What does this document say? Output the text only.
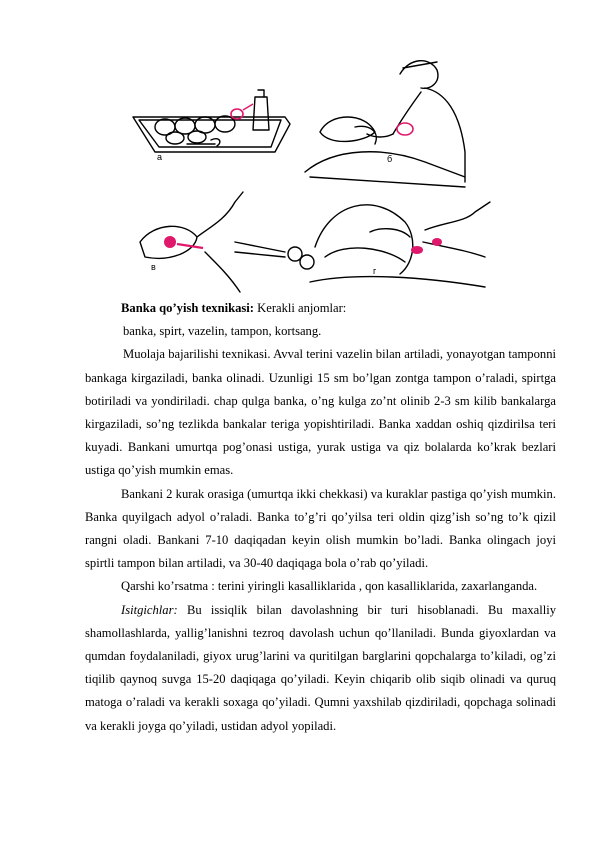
а	б
в	г

Banka qo’yish texnikasi: Kerakli anjomlar:

banka, spirt, vazelin, tampon, kortsang.

Muolaja bajarilishi texnikasi. Avval terini vazelin bilan artiladi, yonayotgan tamponni bankaga kirgaziladi, banka olinadi. Uzunligi 15 sm bo’lgan zontga tampon o’raladi, spirtga botiriladi va yondiriladi. chap qulga banka, o’ng kulga zo’nt olinib 2-3 sm kilib bankalarga kirgaziladi, so’ng tezlikda bankalar teriga yopishtiriladi. Banka xaddan oshiq qizdirilsa teri kuyadi. Bankani umurtqa pog’onasi ustiga, yurak ustiga va qiz bolalarda ko’krak bezlari ustiga qo’yish mumkin emas.

Bankani 2 kurak orasiga (umurtqa ikki chekkasi) va kuraklar pastiga qo’yish mumkin. Banka quyilgach adyol o’raladi. Banka to’g’ri qo’yilsa teri oldin qizg’ish so’ng to’k qizil rangni oladi. Bankani 7-10 daqiqadan keyin olish mumkin bo’ladi. Banka olingach joyi spirtli tampon bilan artiladi, va 30-40 daqiqaga bola o’rab qo’yiladi.

Qarshi ko’rsatma : terini yiringli kasalliklarida , qon kasalliklarida, zaxarlanganda.

Isitgichlar: Bu issiqlik bilan davolashning bir turi hisoblanadi. Bu maxalliy shamollashlarda, yallig’lanishni tezroq davolash uchun qo’llaniladi. Bunda giyoxlardan va qumdan foydalaniladi, giyox urug’larini va quritilgan barglarini qopchalarga to’kiladi, og’zi tiqilib qaynoq suvga 15-20 daqiqaga qo’yiladi. Keyin chiqarib olib siqib olinadi va quruq matoga o’raladi va kerakli soxaga qo’yiladi. Qumni yaxshilab qizdiriladi, qopchaga solinadi va kerakli joyga qo’yiladi, ustidan adyol yopiladi.
